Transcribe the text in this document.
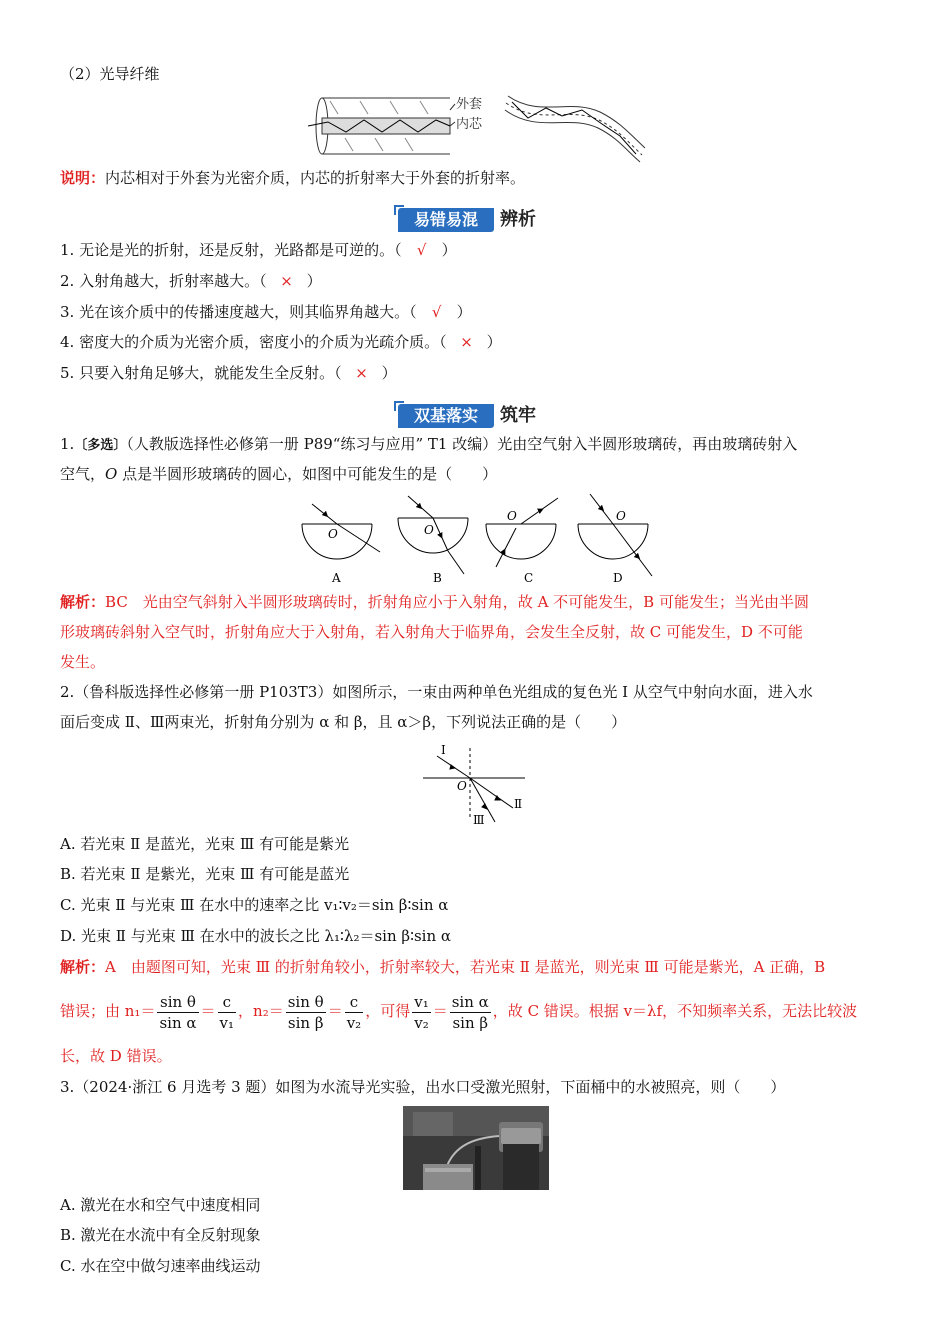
（2）光导纤维
外套
内芯
说明：内芯相对于外套为光密介质，内芯的折射率大于外套的折射率。
易错易混	辨析
1. 无论是光的折射，还是反射，光路都是可逆的。（ √ ）
2. 入射角越大，折射率越大。（ × ）
3. 光在该介质中的传播速度越大，则其临界角越大。（ √ ）
4. 密度大的介质为光密介质，密度小的介质为光疏介质。（ × ）
5. 只要入射角足够大，就能发生全反射。（ × ）
双基落实	筑牢
1.〔多选〕（人教版选择性必修第一册 P89“练习与应用” T1 改编）光由空气射入半圆形玻璃砖，再由玻璃砖射入
空气，O 点是半圆形玻璃砖的圆心，如图中可能发生的是（　　）
O	O
O	O
A	B	C	D
解析：BC　光由空气斜射入半圆形玻璃砖时，折射角应小于入射角，故 A 不可能发生，B 可能发生；当光由半圆
形玻璃砖斜射入空气时，折射角应大于入射角，若入射角大于临界角，会发生全反射，故 C 可能发生，D 不可能
发生。
2.（鲁科版选择性必修第一册 P103T3）如图所示，一束由两种单色光组成的复色光 Ⅰ 从空气中射向水面，进入水
面后变成 Ⅱ、Ⅲ两束光，折射角分别为 α 和 β，且 α＞β，下列说法正确的是（　　）
Ⅰ
O
Ⅱ
Ⅲ
A. 若光束 Ⅱ 是蓝光，光束 Ⅲ 有可能是紫光
B. 若光束 Ⅱ 是紫光，光束 Ⅲ 有可能是蓝光
C. 光束 Ⅱ 与光束 Ⅲ 在水中的速率之比 v₁∶v₂＝sin β∶sin α
D. 光束 Ⅱ 与光束 Ⅲ 在水中的波长之比 λ₁∶λ₂＝sin β∶sin α
解析：A　由题图可知，光束 Ⅲ 的折射角较小，折射率较大，若光束 Ⅱ 是蓝光，则光束 Ⅲ 可能是紫光，A 正确，B
错误；由 $n_1= \frac{\text{sin θ}}{\text{sin α}} = \frac{c}{\text{v₁}}$ ，$n_2= \frac{\text{sin θ}}{\text{sin β}} = \frac{c}{\text{v₂}}$ ，可得 $\frac{\text{v₁}}{\text{v₂}} = \frac{\text{sin α}}{\text{sin β}}$ ，故 C 错误。根据 v＝λf，不知频率关系，无法比较波
长，故 D 错误。
3.（2024·浙江 6 月选考 3 题）如图为水流导光实验，出水口受激光照射，下面桶中的水被照亮，则（　　）
A. 激光在水和空气中速度相同
B. 激光在水流中有全反射现象
C. 水在空中做匀速率曲线运动
